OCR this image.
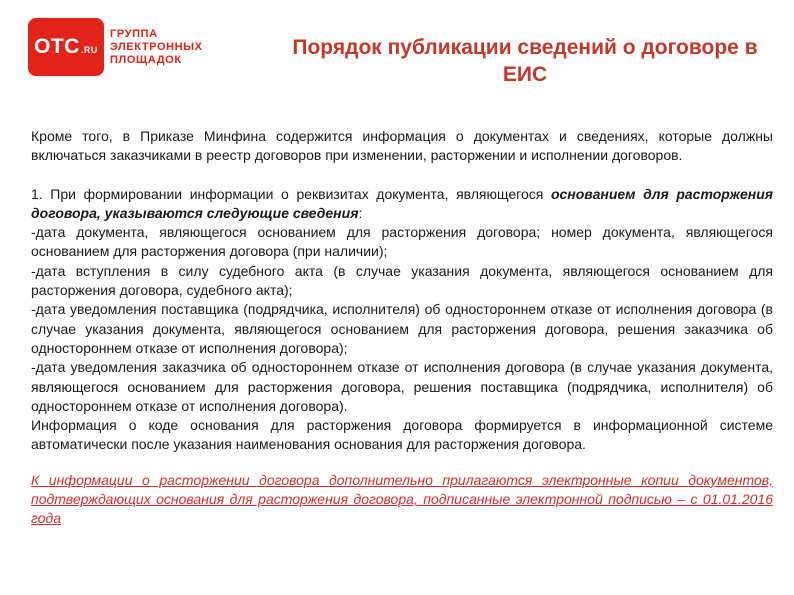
OTC .RU
ГРУППА
ЭЛЕКТРОННЫХ
ПЛОЩАДОК
Порядок публикации сведений о договоре в ЕИС

Кроме того, в Приказе Минфина содержится информация о документах и сведениях, которые должны включаться заказчиками в реестр договоров при изменении, расторжении и исполнении договоров.

1. При формировании информации о реквизитах документа, являющегося основанием для расторжения договора, указываются следующие сведения:

-дата документа, являющегося основанием для расторжения договора; номер документа, являющегося основанием для расторжения договора (при наличии);

-дата вступления в силу судебного акта (в случае указания документа, являющегося основанием для расторжения договора, судебного акта);

-дата уведомления поставщика (подрядчика, исполнителя) об одностороннем отказе от исполнения договора (в случае указания документа, являющегося основанием для расторжения договора, решения заказчика об одностороннем отказе от исполнения договора);

-дата уведомления заказчика об одностороннем отказе от исполнения договора (в случае указания документа, являющегося основанием для расторжения договора, решения поставщика (подрядчика, исполнителя) об одностороннем отказе от исполнения договора).

Информация о коде основания для расторжения договора формируется в информационной системе автоматически после указания наименования основания для расторжения договора.

К информации о расторжении договора дополнительно прилагаются электронные копии документов, подтверждающих основания для расторжения договора, подписанные электронной подписью – с 01.01.2016 года
